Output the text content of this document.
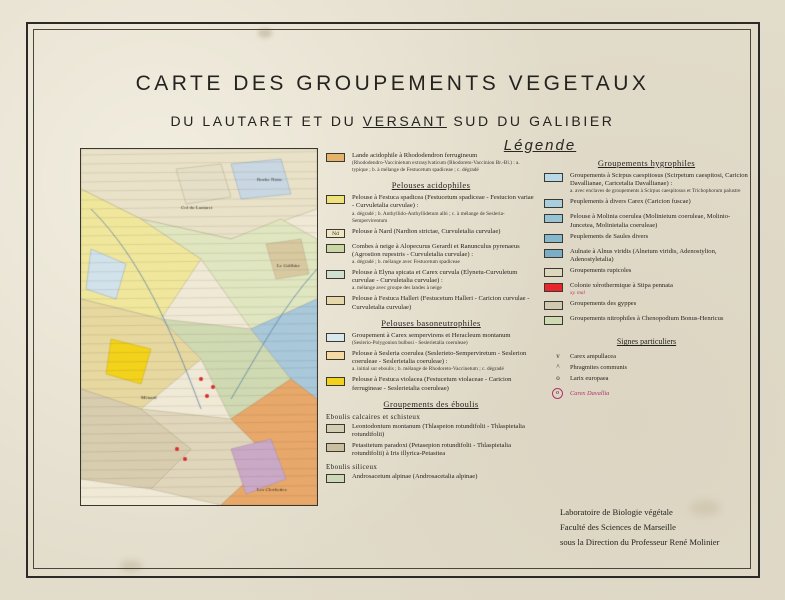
CARTE DES GROUPEMENTS VEGETAUX
DU LAUTARET ET DU VERSANT SUD DU GALIBIER
Légende
Lande acidophile à Rhododendron ferrugineum
(Rhododendro-Vaccinietum extrasylvaticum (Rhodoreto-Vaccinion Br.-Bl.) : a. typique ; b. à mélange de Festucetum spadiceae ; c. dégradé
Pelouses acidophiles
Pelouse à Festuca spadicea (Festucetum spadiceae - Festucion variae - Curvuletalia curvulae) :
a. dégradé ; b. Anthyllido-Anthyllidetum albi ; c. à mélange de Sesleria-Sempervirentum
Nd	Pelouse à Nard (Nardion strictae, Curvuletalia curvulae)
Combes à neige à Alopecurus Gerardi et Ranunculus pyrenaeus (Agrostion rupestris - Curvuletalia curvulae) :
a. dégradé ; b. mélange avec Festucetum spadiceae
Pelouse à Elyna spicata et Carex curvula (Elynetu-Curvuletum curvulae - Curvuletalia curvulae) :
a. mélange avec groupe des landes à neige
Pelouse à Festuca Halleri (Festucetum Halleri - Caricion curvulae - Curvuletalia curvulae)
Pelouses basoneutrophiles
Groupement à Carex sempervirens et Heracleum montanum
(Seslerio-Polygonion bulbosi - Seslerietalia coeruleae)
Pelouse à Sesleria coerulea (Seslerieto-Semperviretum - Seslerion coeruleae - Seslerietalia coeruleae) :
a. initial sur eboulis ; b. mélange de Rhodoreto-Vaccinetum ; c. dégradé
Pelouse à Festuca violacea (Festucetum violaceae - Caricion ferrugineae - Seslerietalia coeruleae)
Groupements des éboulis
Eboulis calcaires et schisteux
Leontodontum montanum (Thlaspeion rotundifolii - Thlaspietalia rotundifolii)
Petasitetum paradoxi (Petasepion rotundifolii - Thlaspietalia rotundifolii) à Iris illyrica-Petasitea
Eboulis siliceux
Androsacetum alpinae (Androsacetalia alpinae)
Groupements hygrophiles
Groupements à Scirpus caespitosus (Scirpetum caespitosi, Caricion Davallianae, Caricetalia Davallianae) :
a. avec enclaves de groupements à Scirpus caespitosus et Trichophorum palustre
Peuplements à divers Carex (Caricion fuscae)
Pelouse à Molinia coerulea (Molinietum coeruleae, Molinio-Juncetea, Molinietalia coeruleae)
Peuplements de Saules divers
Aulnaie à Alnus viridis (Alnetum viridis, Adenostylion, Adenostyletalia)
Groupements rupicoles
Colonie xérothermique à Stipa pennata
xy. mal
Groupements des gyppes
Groupements nitrophiles à Chenopodium Bonus-Henricus
Signes particuliers
v	Carex ampullacea
^	Phragmites communis
o	Larix europaea
o	Carex Davallia
Laboratoire de Biologie végétale
Faculté des Sciences de Marseille
sous la Direction du Professeur René Molinier
